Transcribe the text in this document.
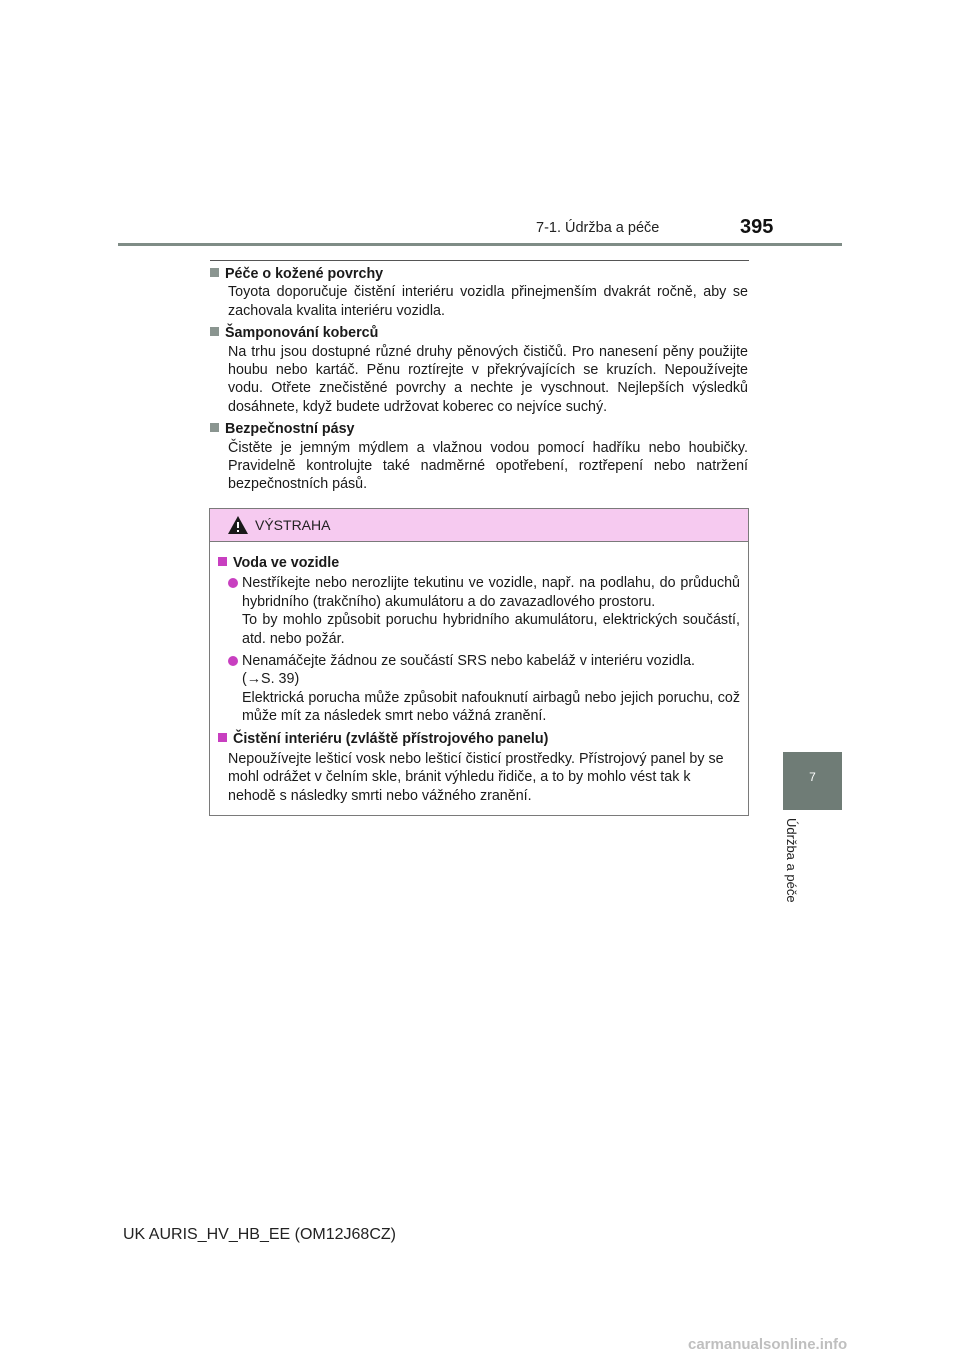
7-1. Údržba a péče	395
7
Údržba a péče

Péče o kožené povrchy

Toyota doporučuje čistění interiéru vozidla přinejmenším dvakrát ročně, aby se zachovala kvalita interiéru vozidla.

Šamponování koberců

Na trhu jsou dostupné různé druhy pěnových čističů. Pro nanesení pěny použijte houbu nebo kartáč. Pěnu roztírejte v překrývajících se kruzích. Nepoužívejte vodu. Otřete znečistěné povrchy a nechte je vyschnout. Nejlepších výsledků dosáhnete, když budete udržovat koberec co nejvíce suchý.

Bezpečnostní pásy

Čistěte je jemným mýdlem a vlažnou vodou pomocí hadříku nebo houbičky. Pravidelně kontrolujte také nadměrné opotřebení, roztřepení nebo natržení bezpečnostních pásů.

VÝSTRAHA

Voda ve vozidle

Nestříkejte nebo nerozlijte tekutinu ve vozidle, např. na podlahu, do průduchů hybridního (trakčního) akumulátoru a do zavazadlového prostoru.
To by mohlo způsobit poruchu hybridního akumulátoru, elektrických součástí, atd. nebo požár.
Nenamáčejte žádnou ze součástí SRS nebo kabeláž v interiéru vozidla.
(→S. 39)
Elektrická porucha může způsobit nafouknutí airbagů nebo jejich poruchu, což může mít za následek smrt nebo vážná zranění.

Čistění interiéru (zvláště přístrojového panelu)

Nepoužívejte lešticí vosk nebo lešticí čisticí prostředky. Přístrojový panel by se mohl odrážet v čelním skle, bránit výhledu řidiče, a to by mohlo vést tak k nehodě s následky smrti nebo vážného zranění.

UK AURIS_HV_HB_EE (OM12J68CZ)
carmanualsonline.info
